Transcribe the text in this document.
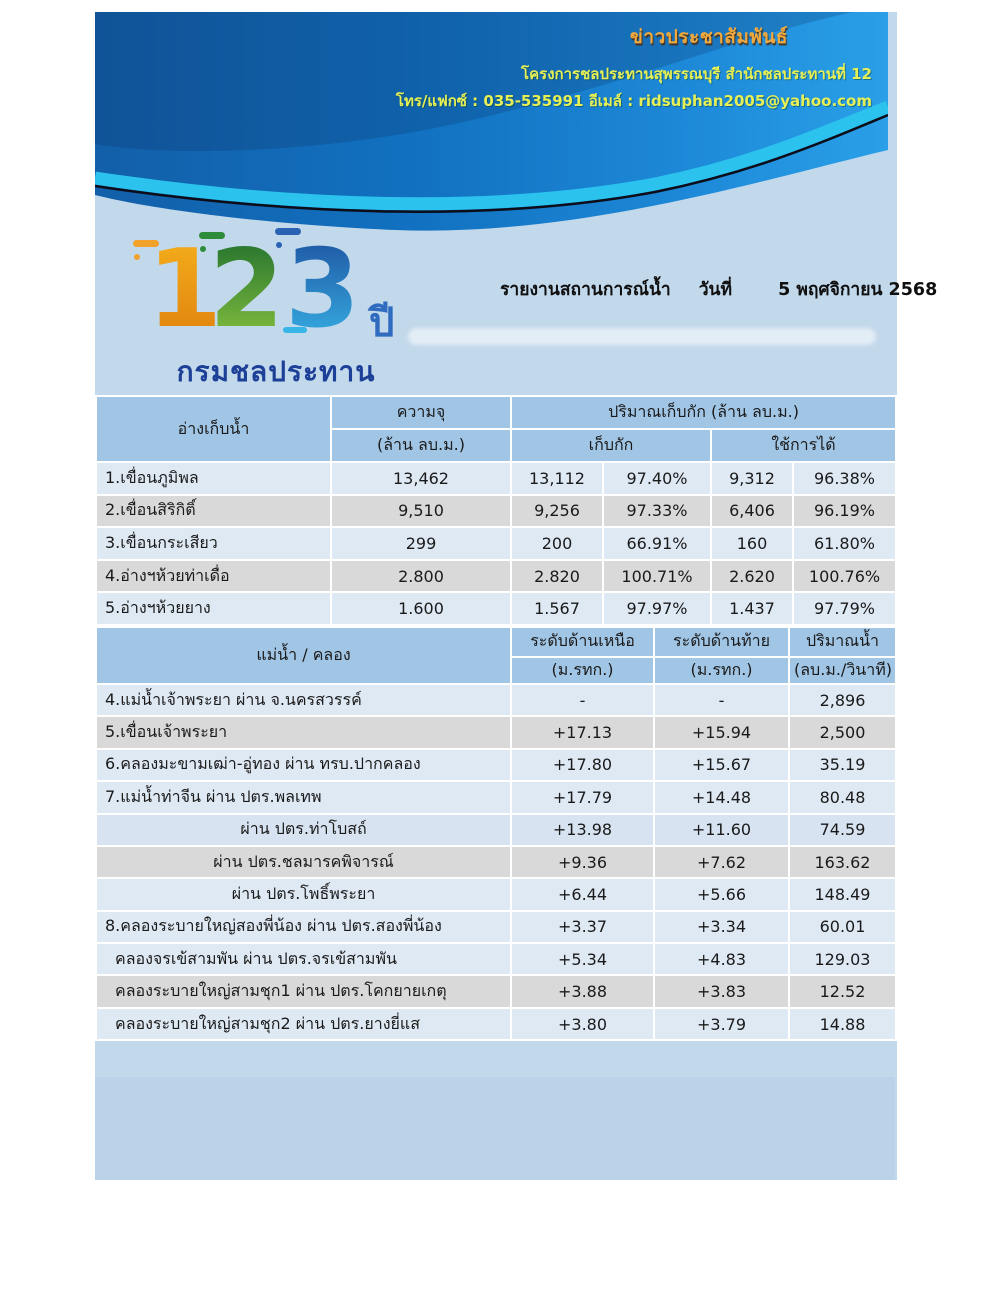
ข่าวประชาสัมพันธ์
โครงการชลประทานสุพรรณบุรี สำนักชลประทานที่ 12
โทร/แฟกซ์ : 035-535991 อีเมล์ : ridsuphan2005@yahoo.com
1
2 3 ปี
กรมชลประทาน
รายงานสถานการณ์น้ำ วันที่	5 พฤศจิกายน 2568
อ่างเก็บน้ำ	ความจุ	ปริมาณเก็บกัก (ล้าน ลบ.ม.)			
	(ล้าน ลบ.ม.)	เก็บกัก		ใช้การได้	
1.เขื่อนภูมิพล	13,462	13,112	97.40%	9,312	96.38%
2.เขื่อนสิริกิติ์	9,510	9,256	97.33%	6,406	96.19%
3.เขื่อนกระเสียว	299	200	66.91%	160	61.80%
4.อ่างฯห้วยท่าเดื่อ	2.800	2.820	100.71%	2.620	100.76%
5.อ่างฯห้วยยาง	1.600	1.567	97.97%	1.437	97.79%
แม่น้ำ / คลอง	ระดับด้านเหนือ	ระดับด้านท้าย	ปริมาณน้ำ
	(ม.รทก.)	(ม.รทก.)	(ลบ.ม./วินาที)
4.แม่น้ำเจ้าพระยา ผ่าน จ.นครสวรรค์	-	-	2,896
5.เขื่อนเจ้าพระยา	+17.13	+15.94	2,500
6.คลองมะขามเฒ่า-อู่ทอง ผ่าน ทรบ.ปากคลอง	+17.80	+15.67	35.19
7.แม่น้ำท่าจีน ผ่าน ปตร.พลเทพ	+17.79	+14.48	80.48
ผ่าน ปตร.ท่าโบสถ์	+13.98	+11.60	74.59
ผ่าน ปตร.ชลมารคพิจารณ์	+9.36	+7.62	163.62
ผ่าน ปตร.โพธิ์พระยา	+6.44	+5.66	148.49
8.คลองระบายใหญ่สองพี่น้อง ผ่าน ปตร.สองพี่น้อง	+3.37	+3.34	60.01
คลองจรเข้สามพัน ผ่าน ปตร.จรเข้สามพัน	+5.34	+4.83	129.03
คลองระบายใหญ่สามชุก1 ผ่าน ปตร.โคกยายเกตุ	+3.88	+3.83	12.52
คลองระบายใหญ่สามชุก2 ผ่าน ปตร.ยางยี่แส	+3.80	+3.79	14.88
